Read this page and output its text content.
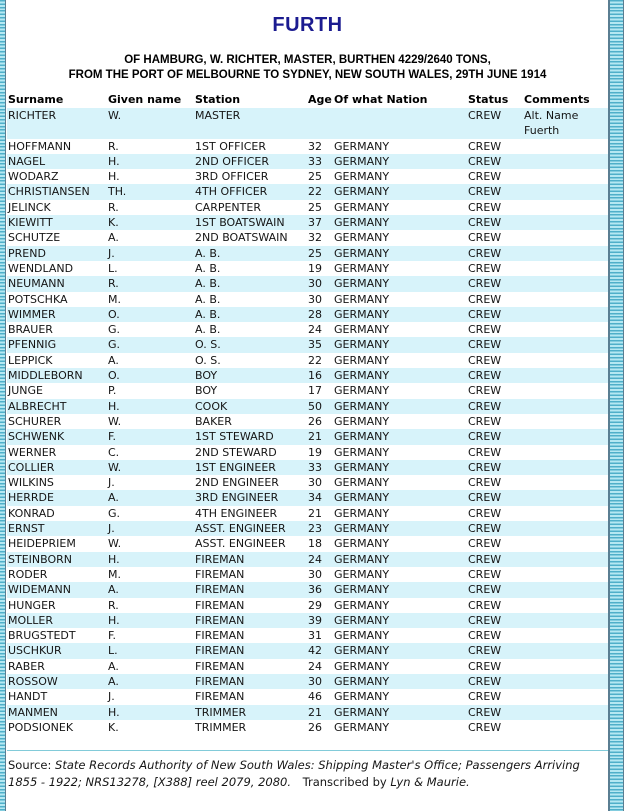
FURTH
OF HAMBURG, W. RICHTER, MASTER, BURTHEN 4229/2640 TONS,
FROM THE PORT OF MELBOURNE TO SYDNEY, NEW SOUTH WALES, 29TH JUNE 1914
Surname	Given name	Station	Age	Of what Nation	Status	Comments
RICHTER	W.	MASTER			CREW	Alt. Name Fuerth
HOFFMANN	R.	1ST OFFICER	32	GERMANY	CREW	
NAGEL	H.	2ND OFFICER	33	GERMANY	CREW	
WODARZ	H.	3RD OFFICER	25	GERMANY	CREW	
CHRISTIANSEN	TH.	4TH OFFICER	22	GERMANY	CREW	
JELINCK	R.	CARPENTER	25	GERMANY	CREW	
KIEWITT	K.	1ST BOATSWAIN	37	GERMANY	CREW	
SCHUTZE	A.	2ND BOATSWAIN	32	GERMANY	CREW	
PREND	J.	A. B.	25	GERMANY	CREW	
WENDLAND	L.	A. B.	19	GERMANY	CREW	
NEUMANN	R.	A. B.	30	GERMANY	CREW	
POTSCHKA	M.	A. B.	30	GERMANY	CREW	
WIMMER	O.	A. B.	28	GERMANY	CREW	
BRAUER	G.	A. B.	24	GERMANY	CREW	
PFENNIG	G.	O. S.	35	GERMANY	CREW	
LEPPICK	A.	O. S.	22	GERMANY	CREW	
MIDDLEBORN	O.	BOY	16	GERMANY	CREW	
JUNGE	P.	BOY	17	GERMANY	CREW	
ALBRECHT	H.	COOK	50	GERMANY	CREW	
SCHURER	W.	BAKER	26	GERMANY	CREW	
SCHWENK	F.	1ST STEWARD	21	GERMANY	CREW	
WERNER	C.	2ND STEWARD	19	GERMANY	CREW	
COLLIER	W.	1ST ENGINEER	33	GERMANY	CREW	
WILKINS	J.	2ND ENGINEER	30	GERMANY	CREW	
HERRDE	A.	3RD ENGINEER	34	GERMANY	CREW	
KONRAD	G.	4TH ENGINEER	21	GERMANY	CREW	
ERNST	J.	ASST. ENGINEER	23	GERMANY	CREW	
HEIDEPRIEM	W.	ASST. ENGINEER	18	GERMANY	CREW	
STEINBORN	H.	FIREMAN	24	GERMANY	CREW	
RODER	M.	FIREMAN	30	GERMANY	CREW	
WIDEMANN	A.	FIREMAN	36	GERMANY	CREW	
HUNGER	R.	FIREMAN	29	GERMANY	CREW	
MOLLER	H.	FIREMAN	39	GERMANY	CREW	
BRUGSTEDT	F.	FIREMAN	31	GERMANY	CREW	
USCHKUR	L.	FIREMAN	42	GERMANY	CREW	
RABER	A.	FIREMAN	24	GERMANY	CREW	
ROSSOW	A.	FIREMAN	30	GERMANY	CREW	
HANDT	J.	FIREMAN	46	GERMANY	CREW	
MANMEN	H.	TRIMMER	21	GERMANY	CREW	
PODSIONEK	K.	TRIMMER	26	GERMANY	CREW	
Source: State Records Authority of New South Wales: Shipping Master's Office; Passengers Arriving 1855 - 1922; NRS13278, [X388] reel 2079, 2080. Transcribed by Lyn & Maurie.
